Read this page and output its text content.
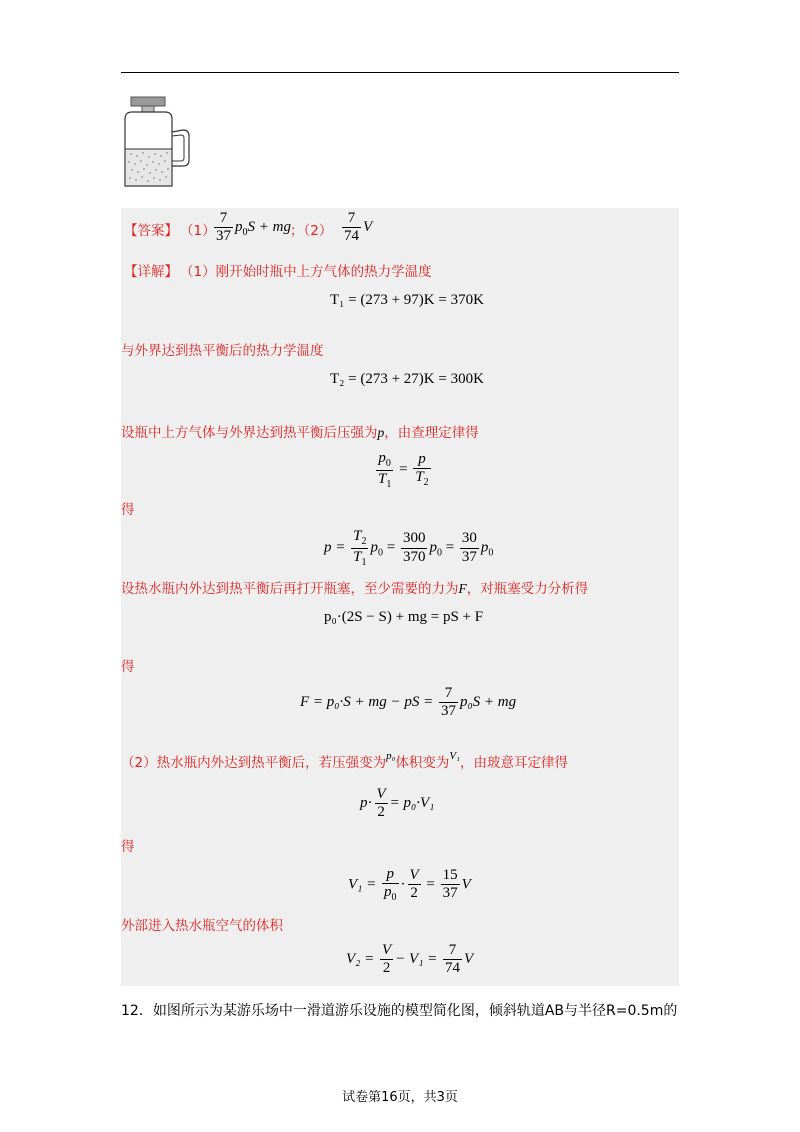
【答案】 （1）
$\frac{7}{37} p_0S$ + mg ；$(2) \frac{7}{74}$ V
【详解】 （1）刚开始时瓶中上方气体的热力学温度
T₁ = (273 + 97)K = 370K
与外界达到热平衡后的热力学温度
T₂ = (273 + 27)K = 300K
设瓶中上方气体与外界达到热平衡后压强为p，由查理定律得
$\frac{p_0}{T_1} = \frac{p}{T_2}$
得
$p = \frac{T_2}{T_1} p_0 = \frac{300}{370} p_0 = \frac{30}{37} p_0$
设热水瓶内外达到热平衡后再打开瓶塞，至少需要的力为F，对瓶塞受力分析得
p₀·(2S − S) + mg = pS + F
得
F = p₀·S + mg − pS = $\frac{7}{37} p_0S$ + mg
（2）热水瓶内外达到热平衡后，若压强变为$^{p_0}$体积变为$^{V_1}$，由玻意耳定律得
$p\cdot \frac{V}{2} = p_0\cdot V_1$
得
$V_1 = \frac{p}{p_0} \cdot \frac{V}{2} = \frac{15}{37}$ V
外部进入热水瓶空气的体积
$V_2 = \frac{V}{2} - V_1 = \frac{7}{74}$ V
12．如图所示为某游乐场中一滑道游乐设施的模型简化图，倾斜轨道AB与半径R=0.5m的
试卷第16页，共3页
